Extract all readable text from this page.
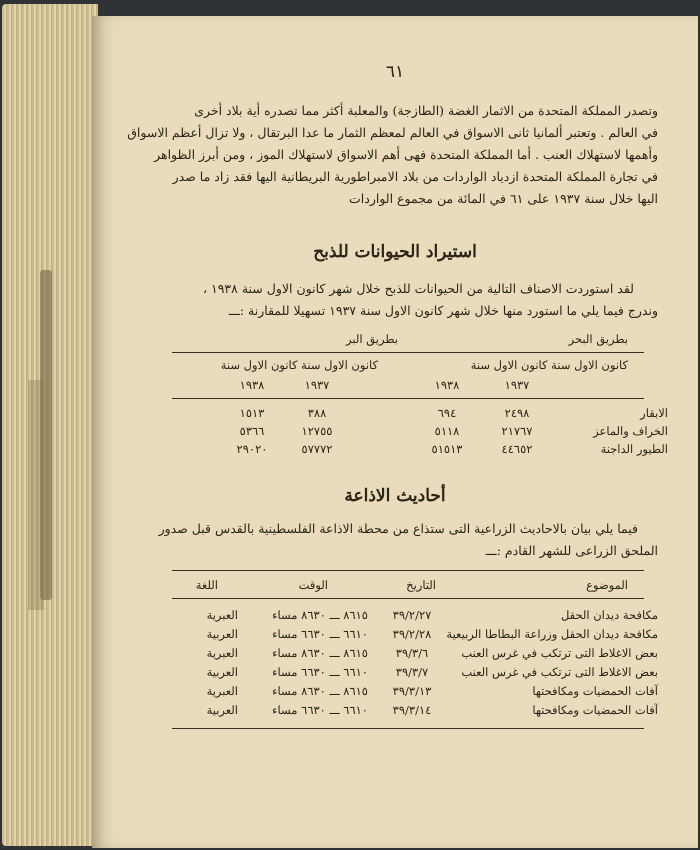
٦١
وتصدر المملكة المتحدة من الاثمار الغضة (الطازجة) والمعلبة أكثر مما تصدره أية بلاد أخرى
في العالم . وتعتبر ألمانيا ثانى الاسواق في العالم لمعظم الثمار ما عدا البرتقال ، ولا تزال أعظم الاسواق
وأهمها لاستهلاك العنب . أما المملكة المتحدة فهى أهم الاسواق لاستهلاك الموز ، ومن أبرز الظواهر
في تجارة المملكة المتحدة ازدياد الواردات من بلاد الامبراطورية البريطانية اليها فقد زاد ما صدر
اليها خلال سنة ١٩٣٧ على ٦١ في المائة من مجموع الواردات
استيراد الحيوانات للذبح
لقد استوردت الاصناف التالية من الحيوانات للذبح خلال شهر كانون الاول سنة ١٩٣٨ ،
وندرج فيما يلي ما استورد منها خلال شهر كانون الاول سنة ١٩٣٧ تسهيلا للمقارنة :ـــ
بطريق البحر
بطريق البر
كانون الاول سنة كانون الاول سنة
كانون الاول سنة كانون الاول سنة
١٩٣٧
١٩٣٨
١٩٣٧
١٩٣٨
الابقار
٢٤٩٨
٦٩٤
٣٨٨
١٥١٣
الخراف والماعز
٢١٧٦٧
٥١١٨
١٢٧٥٥
٥٣٦٦
الطيور الداجنة
٤٤٦٥٢
٥١٥١٣
٥٧٧٧٢
٢٩٠٢٠
أحاديث الاذاعة
فيما يلي بيان بالاحاديث الزراعية التى ستذاع من محطة الاذاعة الفلسطينية بالقدس قبل صدور
الملحق الزراعى للشهر القادم :ـــ
الموضوع
التاريخ
الوقت
اللغة
مكافحة ديدان الحقل
٣٩/٢/٢٧
٨٦١٥ ـــ ٨٦٣٠ مساء
العبرية
مكافحة ديدان الحقل وزراعة البطاطا الربيعية
٣٩/٢/٢٨
٦٦١٠ ـــ ٦٦٣٠ مساء
العربية
بعض الاغلاط التى ترتكب في غرس العنب
٣٩/٣/٦
٨٦١٥ ـــ ٨٦٣٠ مساء
العبرية
بعض الاغلاط التى ترتكب في غرس العنب
٣٩/٣/٧
٦٦١٠ ـــ ٦٦٣٠ مساء
العربية
آفات الحمضيات ومكافحتها
٣٩/٣/١٣
٨٦١٥ ـــ ٨٦٣٠ مساء
العبرية
آفات الحمضيات ومكافحتها
٣٩/٣/١٤
٦٦١٠ ـــ ٦٦٣٠ مساء
العربية
